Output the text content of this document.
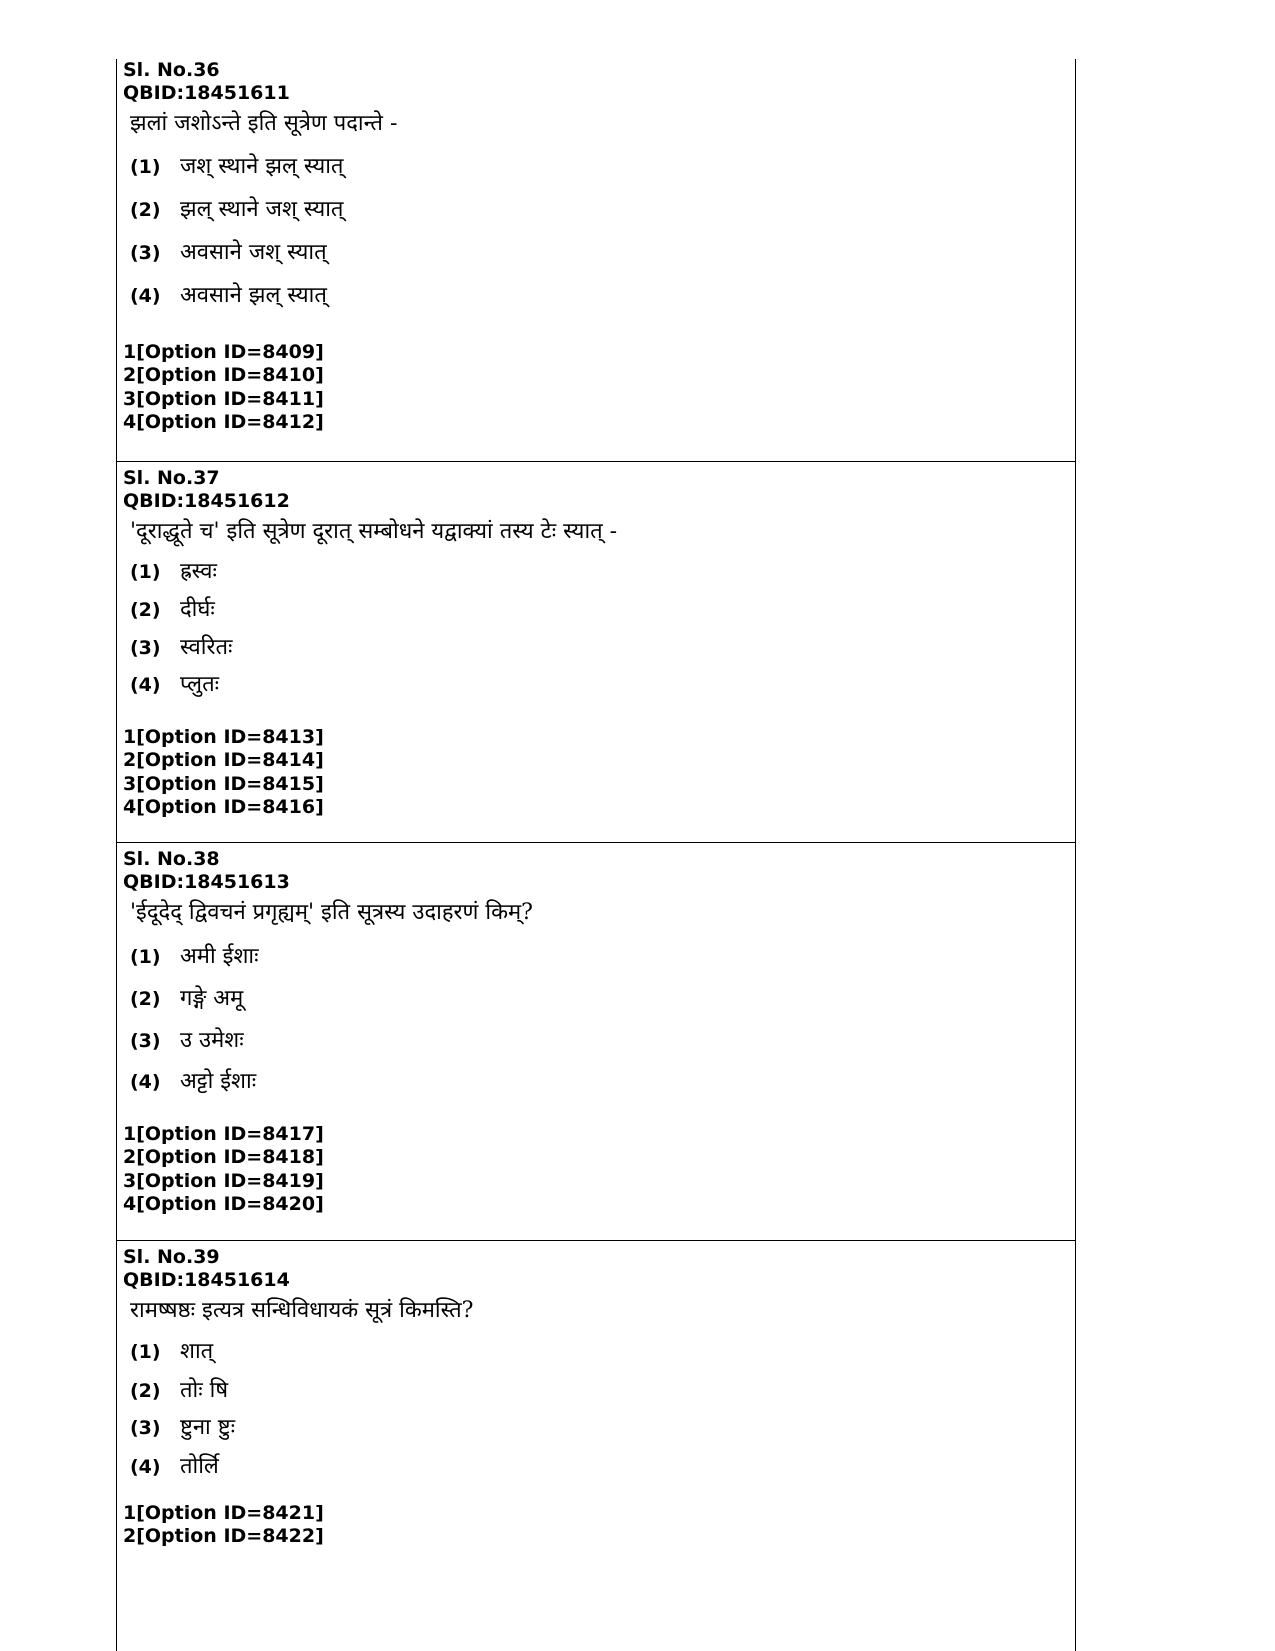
Sl. No.36
QBID:18451611
झलां जशोऽन्ते इति सूत्रेण पदान्ते -
(1) जश् स्थाने झल् स्यात्
(2) झल् स्थाने जश् स्यात्
(3) अवसाने जश् स्यात्
(4) अवसाने झल् स्यात्
1[Option ID=8409]
2[Option ID=8410]
3[Option ID=8411]
4[Option ID=8412]
Sl. No.37
QBID:18451612
'दूराद्धूते च' इति सूत्रेण दूरात् सम्बोधने यद्वाक्यां तस्य टेः स्यात् -
(1) ह्रस्वः
(2) दीर्घः
(3) स्वरितः
(4) प्लुतः
1[Option ID=8413]
2[Option ID=8414]
3[Option ID=8415]
4[Option ID=8416]
Sl. No.38
QBID:18451613
'ईदूदेद् द्विवचनं प्रगृह्यम्' इति सूत्रस्य उदाहरणं किम्?
(1) अमी ईशाः
(2) गङ्गे अमू
(3) उ उमेशः
(4) अट्टो ईशाः
1[Option ID=8417]
2[Option ID=8418]
3[Option ID=8419]
4[Option ID=8420]
Sl. No.39
QBID:18451614
रामष्षष्ठः इत्यत्र सन्धिविधायकं सूत्रं किमस्ति?
(1) शात्
(2) तोः षि
(3) ष्टुना ष्टुः
(4) तोर्लि
1[Option ID=8421]
2[Option ID=8422]
